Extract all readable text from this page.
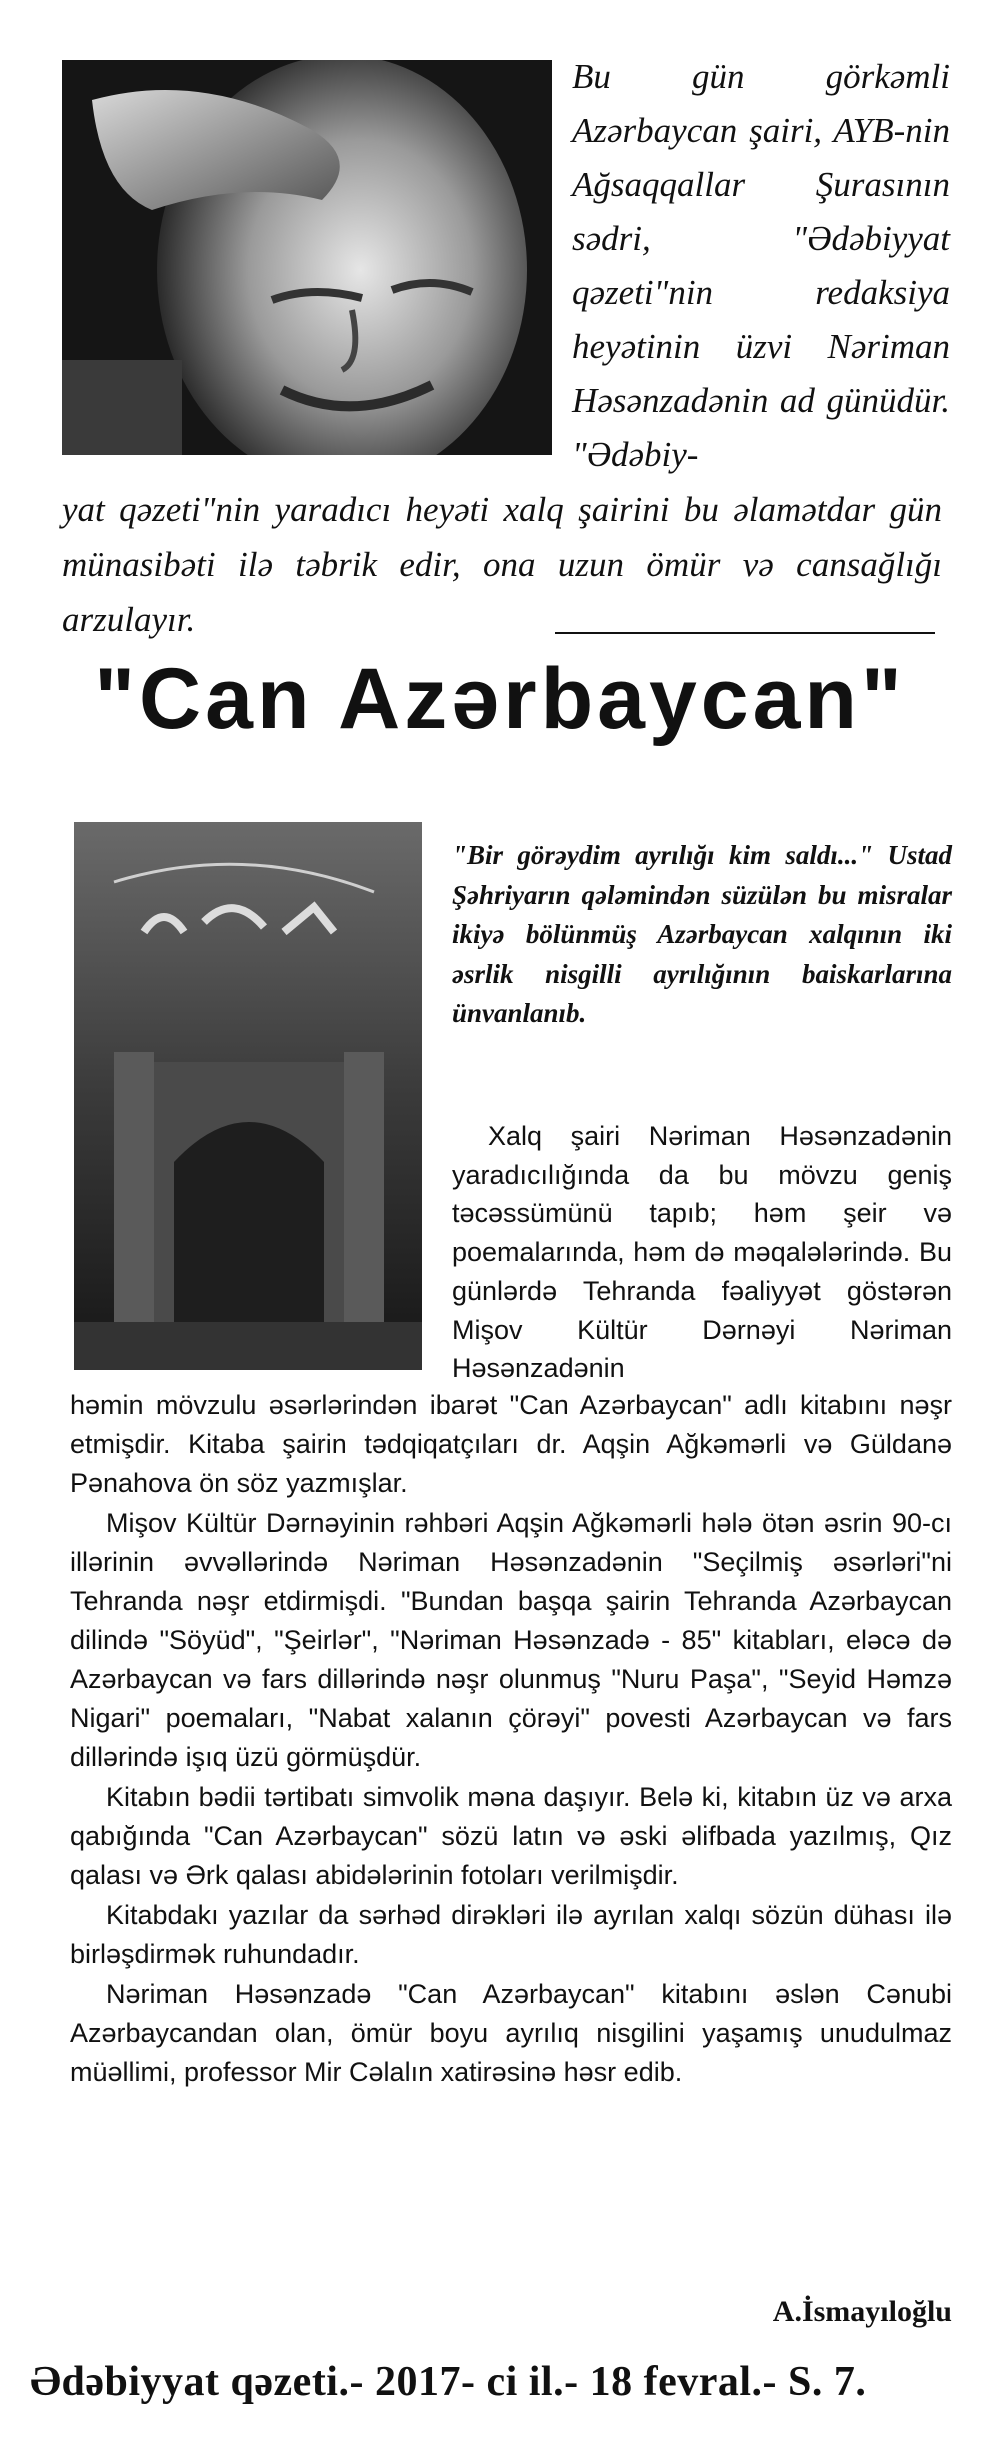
Bu gün görkəmli Azərbaycan şairi, AYB-nin Ağsaqqallar Şurasının sədri, "Ədəbiyyat qəzeti"nin redaksiya heyətinin üzvi Nəriman Həsənzadənin ad günüdür. "Ədəbiy-

yat qəzeti"nin yaradıcı heyəti xalq şairini bu əlamətdar gün münasibəti ilə təbrik edir, ona uzun ömür və cansağlığı arzulayır.

"Can Azərbaycan"

"Bir görəydim ayrılığı kim saldı..." Ustad Şəhriyarın qələmindən süzülən bu misralar ikiyə bölünmüş Azərbaycan xalqının iki əsrlik nisgilli ayrılığının baiskarlarına ünvanlanıb.

Xalq şairi Nəriman Həsənzadənin yaradıcılığında da bu mövzu geniş təcəssümünü tapıb; həm şeir və poemalarında, həm də məqalələrində. Bu günlərdə Tehranda fəaliyyət göstərən Mişov Kültür Dərnəyi Nəriman Həsənzadənin

həmin mövzulu əsərlərindən ibarət "Can Azərbaycan" adlı kitabını nəşr etmişdir. Kitaba şairin tədqiqatçıları dr. Aqşin Ağkəmərli və Güldanə Pənahova ön söz yazmışlar.

Mişov Kültür Dərnəyinin rəhbəri Aqşin Ağkəmərli hələ ötən əsrin 90-cı illərinin əvvəllərində Nəriman Həsənzadənin "Seçilmiş əsərləri"ni Tehranda nəşr etdirmişdi. "Bundan başqa şairin Tehranda Azərbaycan dilində "Söyüd", "Şeirlər", "Nəriman Həsənzadə - 85" kitabları, eləcə də Azərbaycan və fars dillərində nəşr olunmuş "Nuru Paşa", "Seyid Həmzə Nigari" poemaları, "Nabat xalanın çörəyi" povesti Azərbaycan və fars dillərində işıq üzü görmüşdür.

Kitabın bədii tərtibatı simvolik məna daşıyır. Belə ki, kitabın üz və arxa qabığında "Can Azərbaycan" sözü latın və əski əlifbada yazılmış, Qız qalası və Ərk qalası abidələrinin fotoları verilmişdir.

Kitabdakı yazılar da sərhəd dirəkləri ilə ayrılan xalqı sözün dühası ilə birləşdirmək ruhundadır.

Nəriman Həsənzadə "Can Azərbaycan" kitabını əslən Cənubi Azərbaycandan olan, ömür boyu ayrılıq nisgilini yaşamış unudulmaz müəllimi, professor Mir Cəlalın xatirəsinə həsr edib.

A.İsmayıloğlu

Ədəbiyyat qəzeti.- 2017- ci il.- 18 fevral.- S. 7.
